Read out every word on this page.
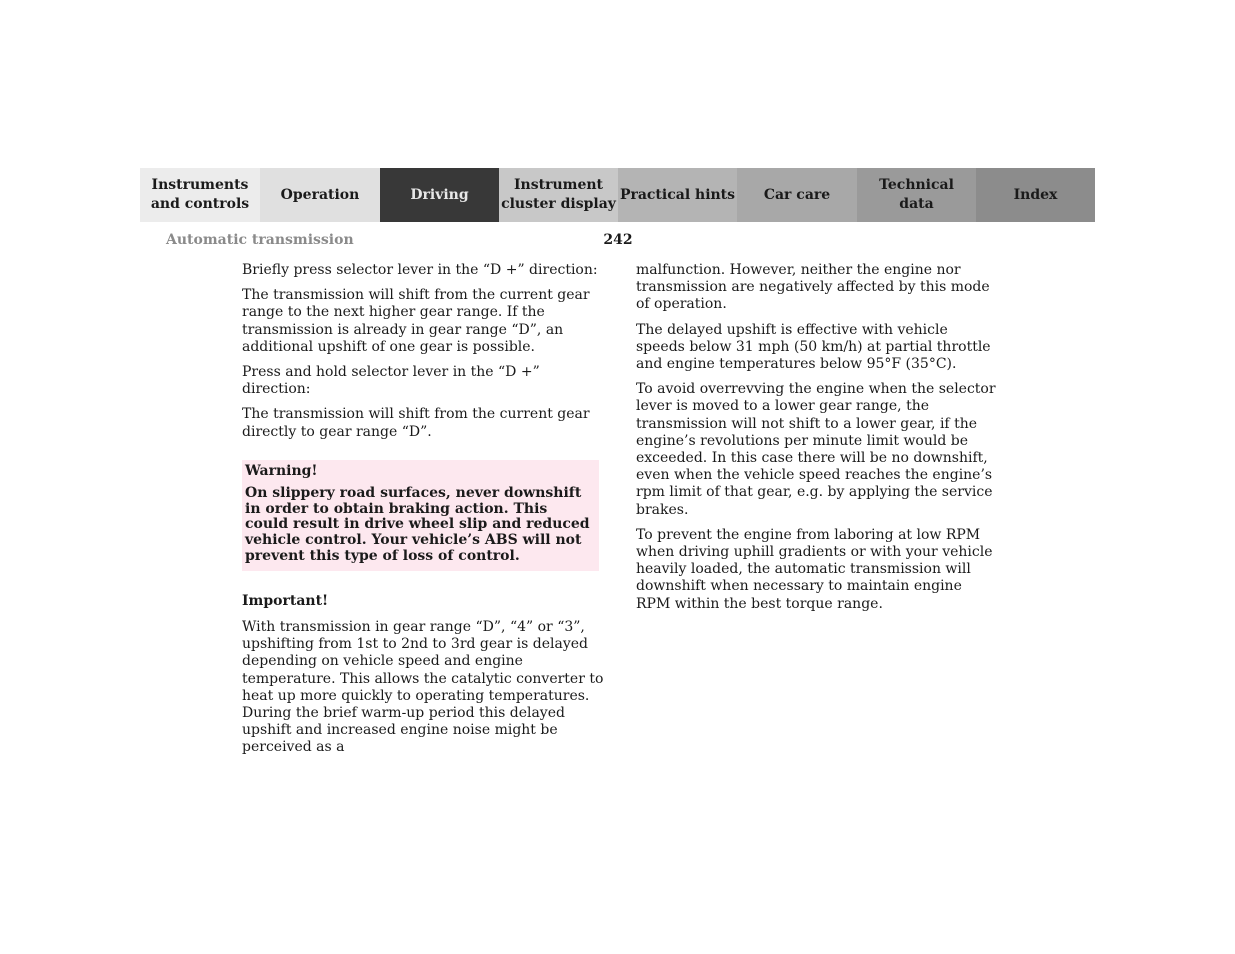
Instruments
and controls
Operation	Driving
Instrument
cluster display
Practical hints	Car care
Technical
data
Index
Automatic transmission	242

Briefly press selector lever in the “D +” direction:

The transmission will shift from the current gear range to the next higher gear range. If the transmission is already in gear range “D”, an additional upshift of one gear is possible.

Press and hold selector lever in the “D +” direction:

The transmission will shift from the current gear directly to gear range “D”.

Warning!

On slippery road surfaces, never downshift in order to obtain braking action. This could result in drive wheel slip and reduced vehicle control. Your vehicle’s ABS will not prevent this type of loss of control.

Important!

With transmission in gear range “D”, “4” or “3”, upshifting from 1st to 2nd to 3rd gear is delayed depending on vehicle speed and engine temperature. This allows the catalytic converter to heat up more quickly to operating temperatures.

During the brief warm-up period this delayed upshift and increased engine noise might be perceived as a

malfunction. However, neither the engine nor transmission are negatively affected by this mode of operation.

The delayed upshift is effective with vehicle speeds below 31 mph (50 km/h) at partial throttle and engine temperatures below 95°F (35°C).

To avoid overrevving the engine when the selector lever is moved to a lower gear range, the transmission will not shift to a lower gear, if the engine’s revolutions per minute limit would be exceeded. In this case there will be no downshift, even when the vehicle speed reaches the engine’s rpm limit of that gear, e.g. by applying the service brakes.

To prevent the engine from laboring at low RPM when driving uphill gradients or with your vehicle heavily loaded, the automatic transmission will downshift when necessary to maintain engine RPM within the best torque range.
